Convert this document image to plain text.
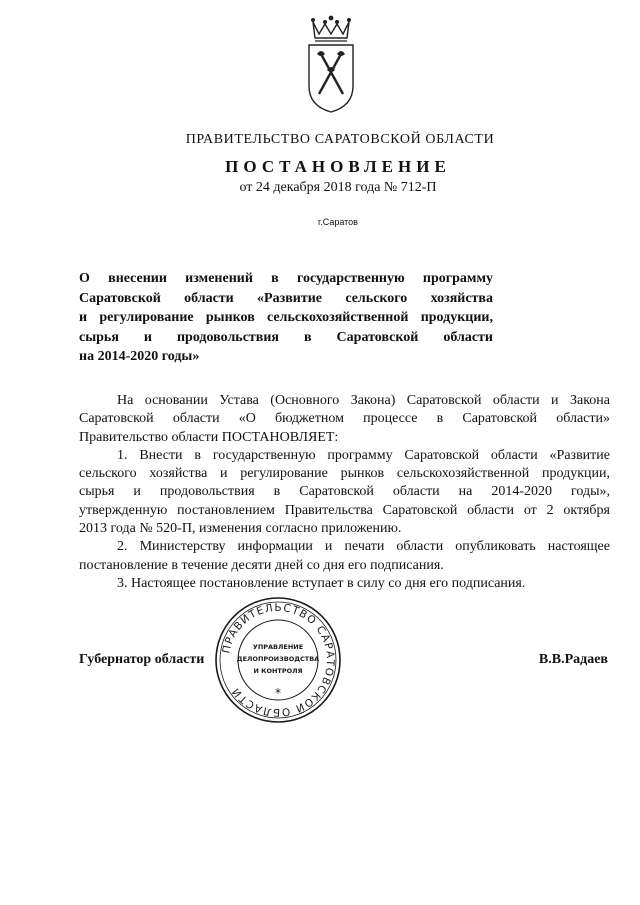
ПРАВИТЕЛЬСТВО САРАТОВСКОЙ ОБЛАСТИ
ПОСТАНОВЛЕНИЕ
от 24 декабря 2018 года № 712-П
г.Саратов
О внесении изменений в государственную программу
Саратовской области «Развитие сельского хозяйства
и регулирование рынков сельскохозяйственной продукции,
сырья и продовольствия в Саратовской области
на 2014-2020 годы»
На основании Устава (Основного Закона) Саратовской области и Закона
Саратовской области «О бюджетном процессе в Саратовской области»
Правительство области ПОСТАНОВЛЯЕТ:
1. Внести в государственную программу Саратовской области «Развитие
сельского хозяйства и регулирование рынков сельскохозяйственной продукции,
сырья и продовольствия в Саратовской области на 2014-2020 годы»,
утвержденную постановлением Правительства Саратовской области от 2 октября
2013 года № 520-П, изменения согласно приложению.
2. Министерству информации и печати области опубликовать настоящее
постановление в течение десяти дней со дня его подписания.
3. Настоящее постановление вступает в силу со дня его подписания.
Губернатор области	В.В.Радаев
ПРАВИТЕЛЬСТВО САРАТОВСКОЙ ОБЛАСТИ
УПРАВЛЕНИЕ
ДЕЛОПРОИЗВОДСТВА
И КОНТРОЛЯ
*
